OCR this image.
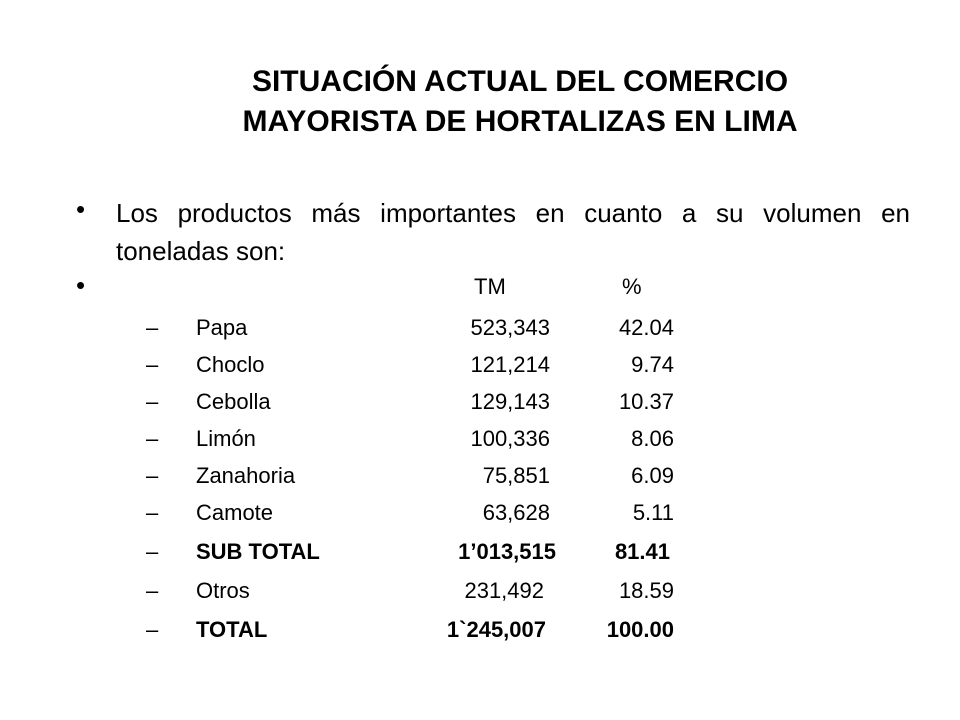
SITUACIÓN ACTUAL DEL COMERCIO
MAYORISTA DE HORTALIZAS EN LIMA
• Los productos más importantes en cuanto a su volumen en toneladas son:
•	TM	%
– Papa	523,343	42.04
– Choclo	121,214	9.74
– Cebolla	129,143	10.37
– Limón	100,336	8.06
– Zanahoria	75,851	6.09
– Camote	63,628	5.11
– SUB TOTAL	1’013,515	81.41
– Otros	231,492	18.59
– TOTAL	1`245,007	100.00
